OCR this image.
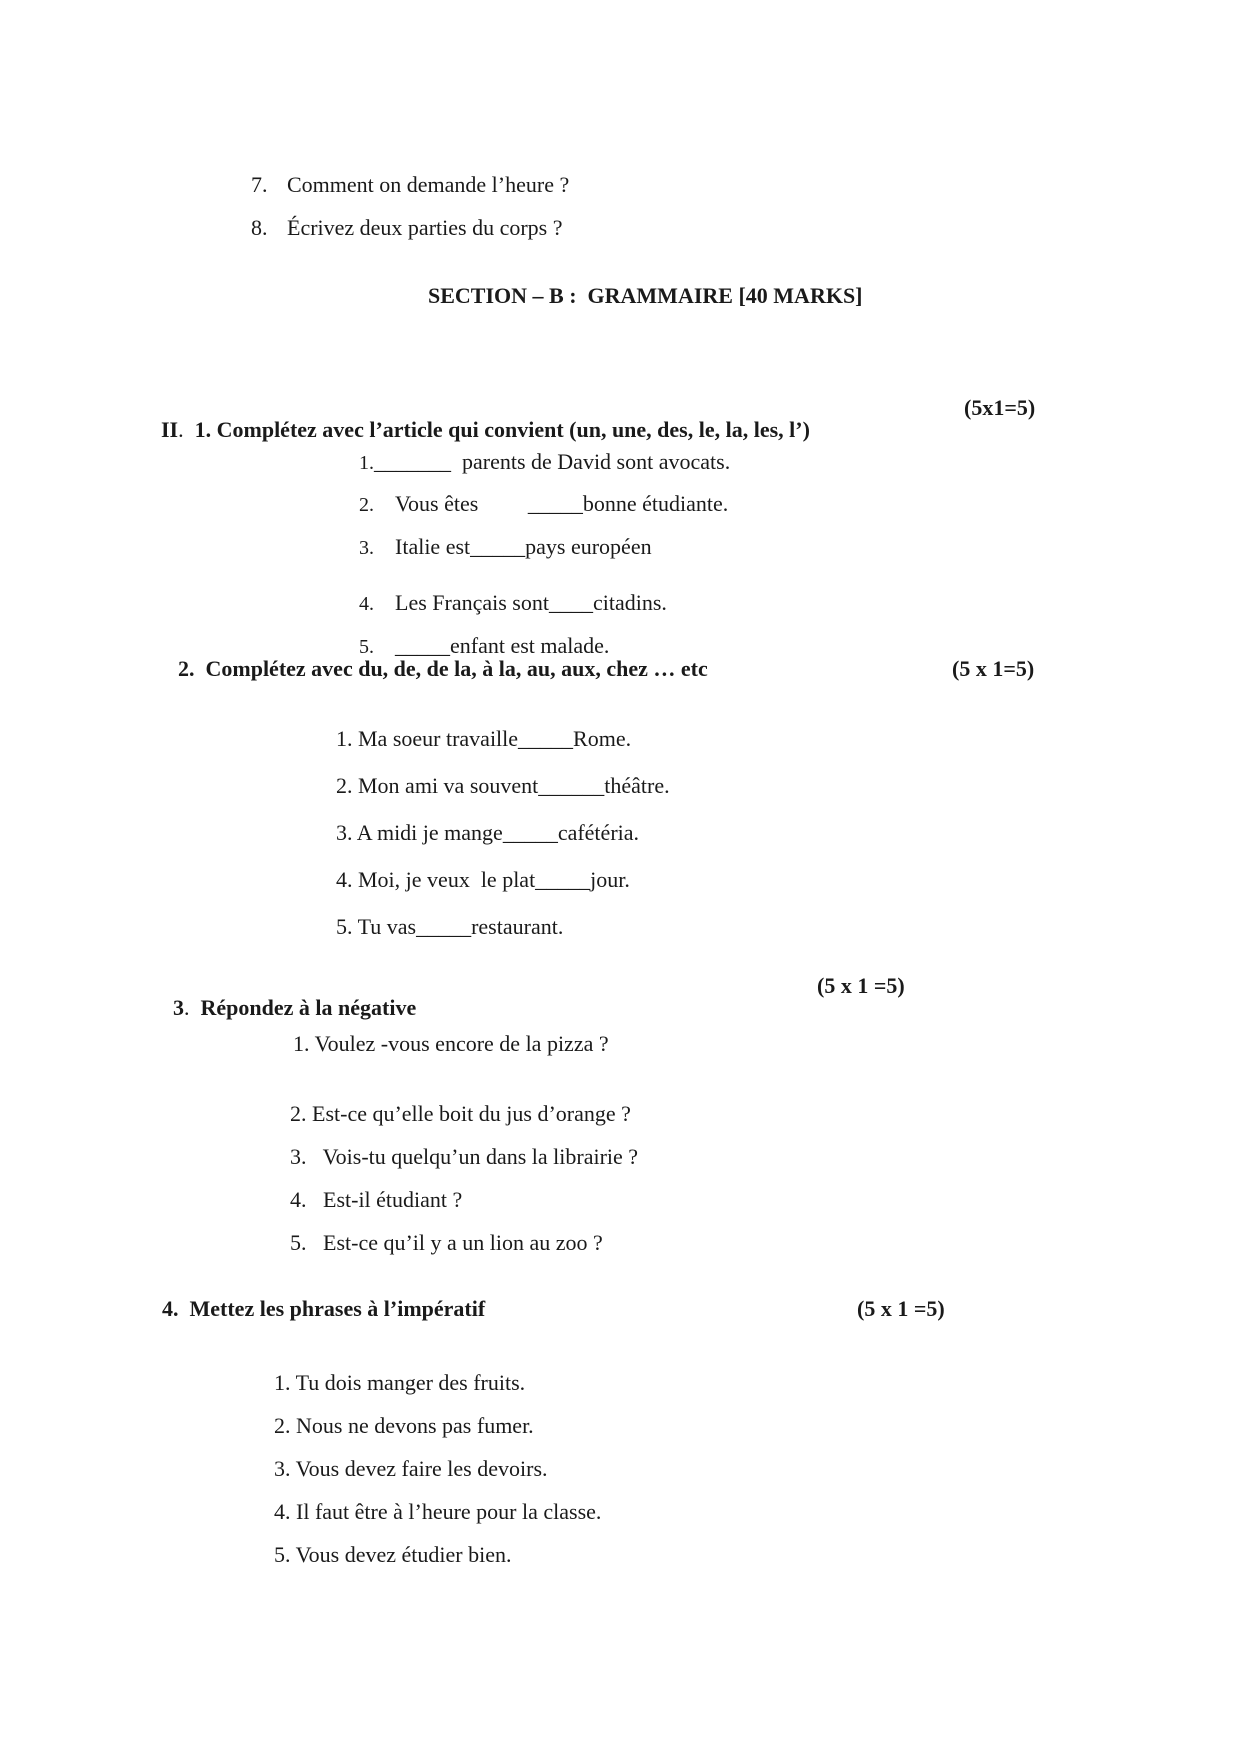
7. Comment on demande l’heure ?

8. Écrivez deux parties du corps ?

SECTION – B :  GRAMMAIRE [40 MARKS]

II.  1. Complétez avec l’article qui convient (un, une, des, le, la, les, l’)

(5x1=5)

1._______  parents de David sont avocats.

2. Vous êtes         _____bonne étudiante.

3. Italie est_____pays européen

4. Les Français sont____citadins.

5. _____enfant est malade.

2.  Complétez avec du, de, de la, à la, au, aux, chez … etc	(5 x 1=5)
1. Ma soeur travaille_____Rome.
2. Mon ami va souvent______théâtre.
3. A midi je mange_____cafétéria.
4. Moi, je veux  le plat_____jour.
5. Tu vas_____restaurant.

3.  Répondez à la négative

(5 x 1 =5)
1. Voulez -vous encore de la pizza ?
2. Est-ce qu’elle boit du jus d’orange ?
3.   Vois-tu quelqu’un dans la librairie ?
4.   Est-il étudiant ?
5.   Est-ce qu’il y a un lion au zoo ?
4.  Mettez les phrases à l’impératif	(5 x 1 =5)
1. Tu dois manger des fruits.
2. Nous ne devons pas fumer.
3. Vous devez faire les devoirs.
4. Il faut être à l’heure pour la classe.
5. Vous devez étudier bien.
